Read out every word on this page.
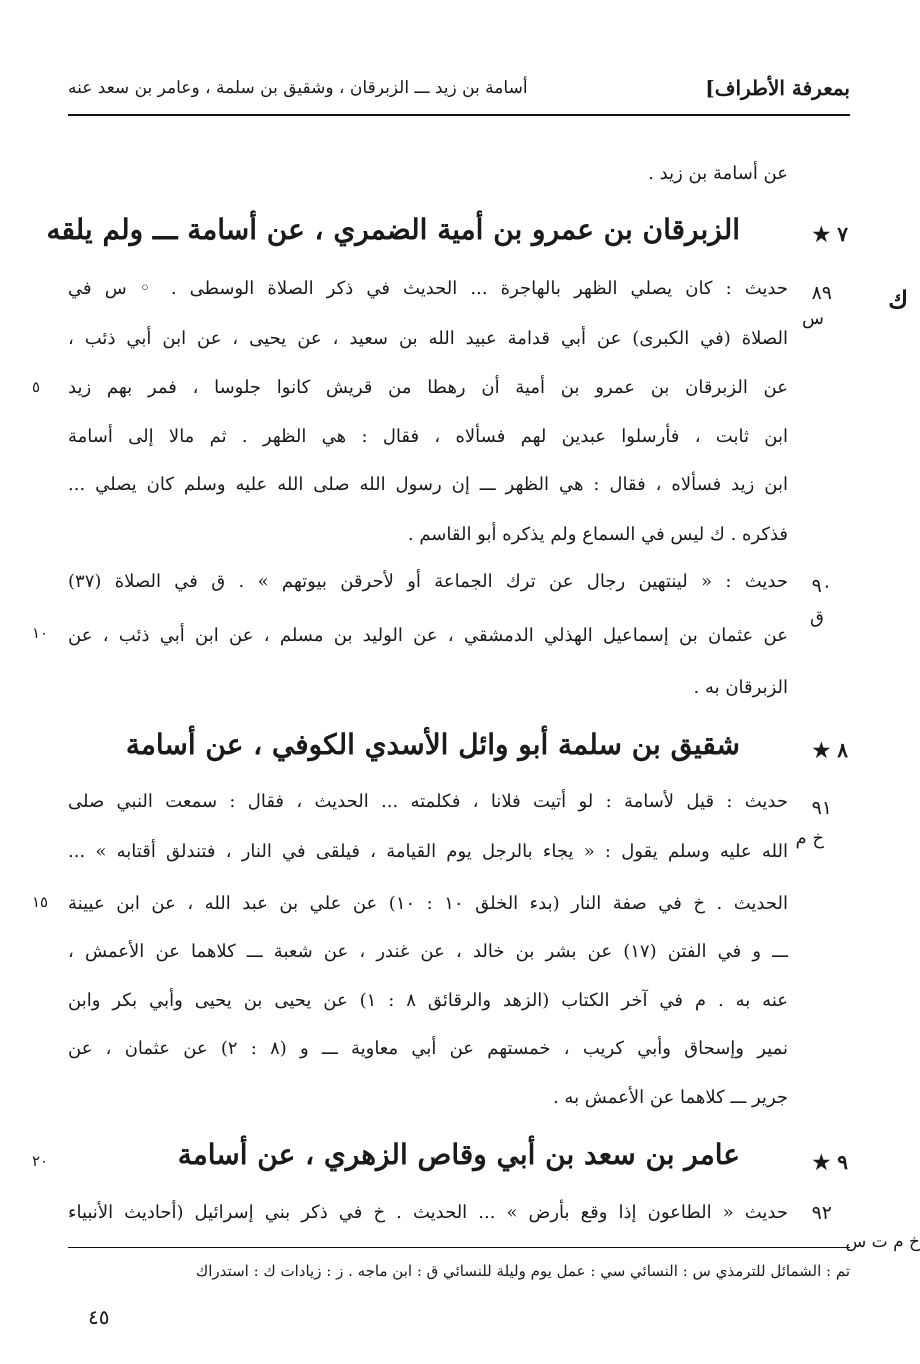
بمعرفة الأطراف]
أسامة بن زيد ـــ الزبرقان ، وشقيق بن سلمة ، وعامر بن سعد عنه
ك
عن أسامة بن زيد .
٧ ★
الزبرقان بن عمرو بن أمية الضمري ، عن أسامة ـــ ولم يلقه
٨٩
س
حديث : كان يصلي الظهر بالهاجرة ... الحديث في ذكر الصلاة الوسطى . ◦ س في
الصلاة (في الكبرى) عن أبي قدامة عبيد الله بن سعيد ، عن يحيى ، عن ابن أبي ذئب ،
عن الزبرقان بن عمرو بن أمية أن رهطا من قريش كانوا جلوسا ، فمر بهم زيد
ابن ثابت ، فأرسلوا عبدين لهم فسألاه ، فقال : هي الظهر . ثم مالا إلى أسامة
ابن زيد فسألاه ، فقال : هي الظهر ـــ إن رسول الله صلى الله عليه وسلم كان يصلي ...
فذكره . ك ليس في السماع ولم يذكره أبو القاسم .
٥
٩٠
ق
حديث : « لينتهين رجال عن ترك الجماعة أو لأحرقن بيوتهم » . ق في الصلاة (٣٧)
عن عثمان بن إسماعيل الهذلي الدمشقي ، عن الوليد بن مسلم ، عن ابن أبي ذئب ، عن
الزبرقان به .
١٠
٨ ★
شقيق بن سلمة أبو وائل الأسدي الكوفي ، عن أسامة
٩١
خ م
حديث : قيل لأسامة : لو أتيت فلانا ، فكلمته ... الحديث ، فقال : سمعت النبي صلى
الله عليه وسلم يقول : « يجاء بالرجل يوم القيامة ، فيلقى في النار ، فتندلق أقتابه » ...
الحديث . خ في صفة النار (بدء الخلق ١٠ : ١٠) عن علي بن عبد الله ، عن ابن عيينة
ـــ و في الفتن (١٧) عن بشر بن خالد ، عن غندر ، عن شعبة ـــ كلاهما عن الأعمش ،
عنه به . م في آخر الكتاب (الزهد والرقائق ٨ : ١) عن يحيى بن يحيى وأبي بكر وابن
نمير وإسحاق وأبي كريب ، خمستهم عن أبي معاوية ـــ و (٨ : ٢) عن عثمان ، عن
جرير ـــ كلاهما عن الأعمش به .
١٥
٩ ★
عامر بن سعد بن أبي وقاص الزهري ، عن أسامة
٢٠
٩٢
خ م ت س
حديث « الطاعون إذا وقع بأرض » ... الحديث . خ في ذكر بني إسرائيل (أحاديث الأنبياء
تم : الشمائل للترمذي س : النسائي سي : عمل يوم وليلة للنسائي ق : ابن ماجه . ز : زيادات ك : استدراك
٤٥
